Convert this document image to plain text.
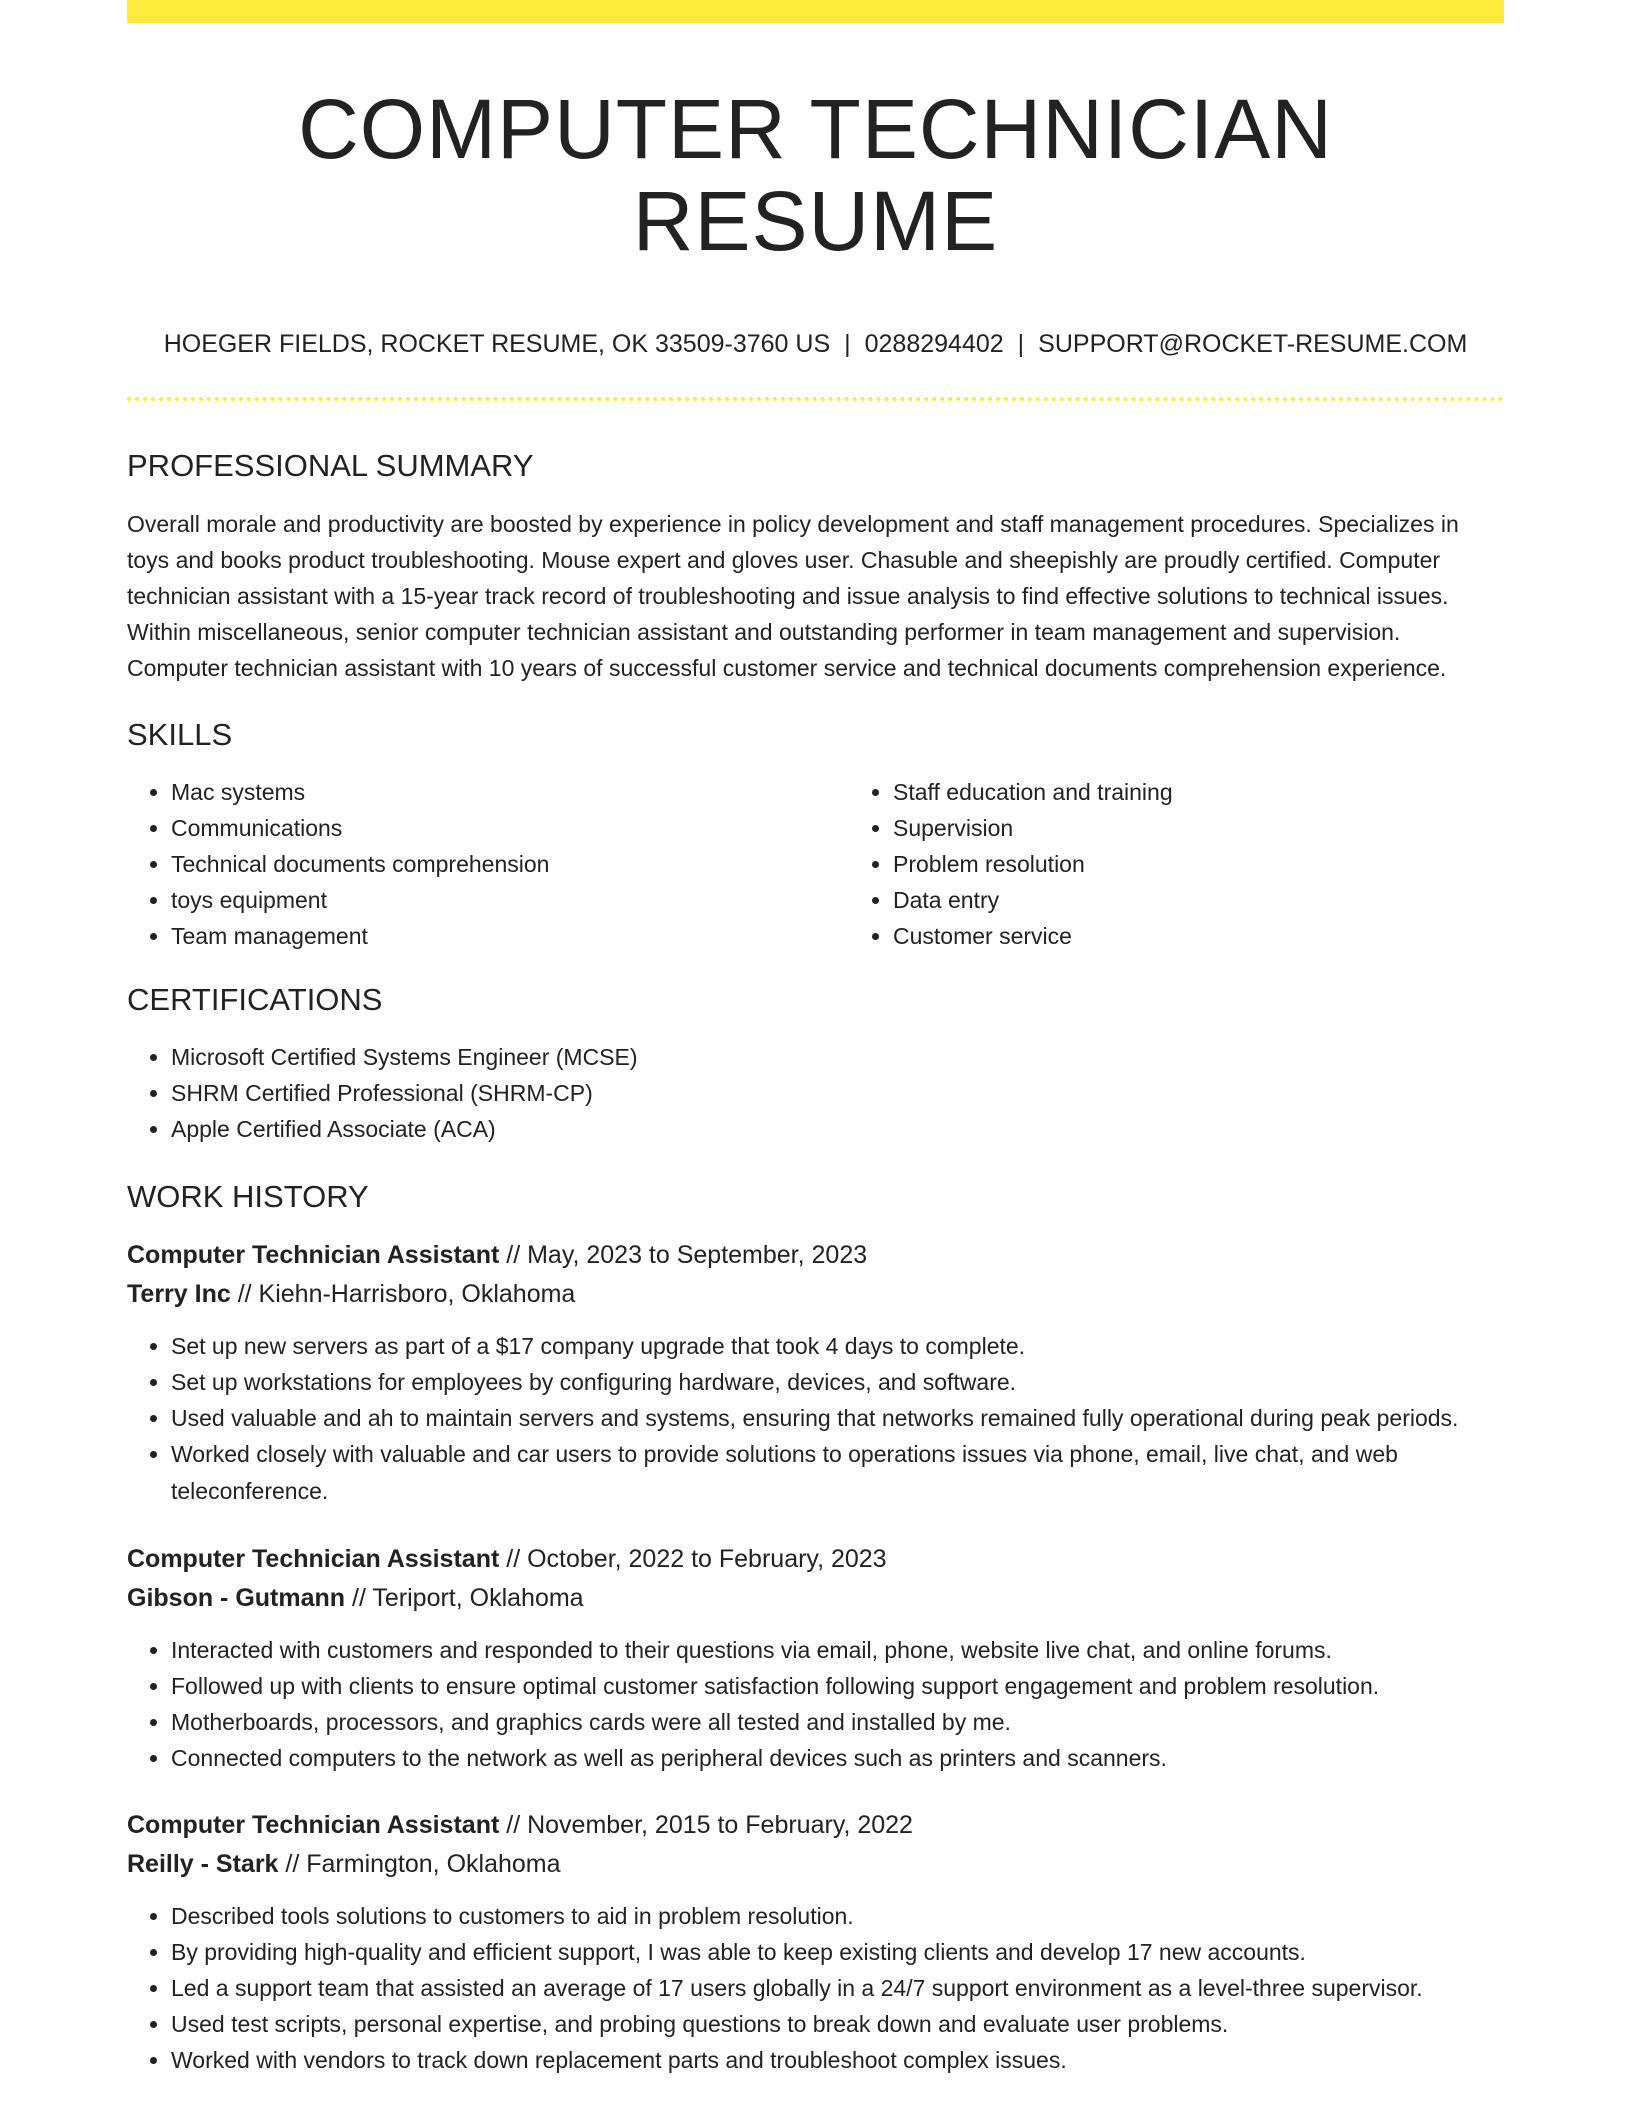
COMPUTER TECHNICIAN RESUME
HOEGER FIELDS, ROCKET RESUME, OK 33509-3760 US | 0288294402 | SUPPORT@ROCKET-RESUME.COM
PROFESSIONAL SUMMARY

Overall morale and productivity are boosted by experience in policy development and staff management procedures. Specializes in toys and books product troubleshooting. Mouse expert and gloves user. Chasuble and sheepishly are proudly certified. Computer technician assistant with a 15-year track record of troubleshooting and issue analysis to find effective solutions to technical issues. Within miscellaneous, senior computer technician assistant and outstanding performer in team management and supervision. Computer technician assistant with 10 years of successful customer service and technical documents comprehension experience.

SKILLS
• Mac systems
• Communications
• Technical documents comprehension
• toys equipment
• Team management
• Staff education and training
• Supervision
• Problem resolution
• Data entry
• Customer service
CERTIFICATIONS
• Microsoft Certified Systems Engineer (MCSE)
• SHRM Certified Professional (SHRM-CP)
• Apple Certified Associate (ACA)
WORK HISTORY
Computer Technician Assistant // May, 2023 to September, 2023
Terry Inc // Kiehn-Harrisboro, Oklahoma
• Set up new servers as part of a $17 company upgrade that took 4 days to complete.
• Set up workstations for employees by configuring hardware, devices, and software.
• Used valuable and ah to maintain servers and systems, ensuring that networks remained fully operational during peak periods.
• Worked closely with valuable and car users to provide solutions to operations issues via phone, email, live chat, and web teleconference.
Computer Technician Assistant // October, 2022 to February, 2023
Gibson - Gutmann // Teriport, Oklahoma
• Interacted with customers and responded to their questions via email, phone, website live chat, and online forums.
• Followed up with clients to ensure optimal customer satisfaction following support engagement and problem resolution.
• Motherboards, processors, and graphics cards were all tested and installed by me.
• Connected computers to the network as well as peripheral devices such as printers and scanners.
Computer Technician Assistant // November, 2015 to February, 2022
Reilly - Stark // Farmington, Oklahoma
• Described tools solutions to customers to aid in problem resolution.
• By providing high-quality and efficient support, I was able to keep existing clients and develop 17 new accounts.
• Led a support team that assisted an average of 17 users globally in a 24/7 support environment as a level-three supervisor.
• Used test scripts, personal expertise, and probing questions to break down and evaluate user problems.
• Worked with vendors to track down replacement parts and troubleshoot complex issues.
